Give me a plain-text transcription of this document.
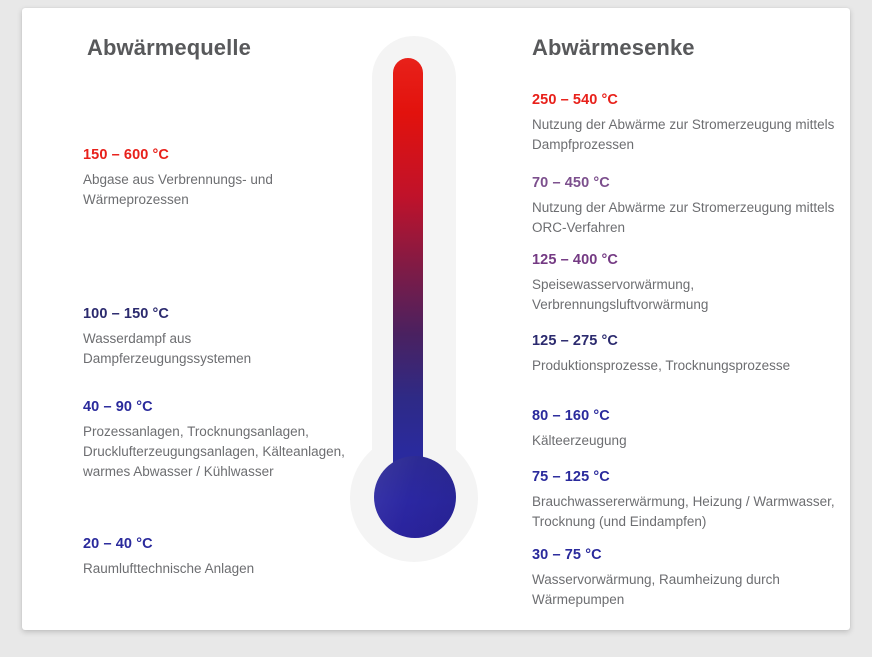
Abwärmequelle

150 – 600 °C

Abgase aus Verbrennungs- und Wärmeprozessen

100 – 150 °C

Wasserdampf aus Dampferzeugungssystemen

40 – 90 °C

Prozessanlagen, Trocknungsanlagen, Drucklufterzeugungsanlagen, Kälteanlagen, warmes Abwasser / Kühlwasser

20 – 40 °C

Raumlufttechnische Anlagen

Abwärmesenke

250 – 540 °C

Nutzung der Abwärme zur Stromerzeugung mittels Dampfprozessen

70 – 450 °C

Nutzung der Abwärme zur Stromerzeugung mittels ORC-Verfahren

125 – 400 °C

Speisewasservorwärmung, Verbrennungsluftvorwärmung

125 – 275 °C

Produktionsprozesse, Trocknungsprozesse

80 – 160 °C

Kälteerzeugung

75 – 125 °C

Brauchwassererwärmung, Heizung / Warmwasser, Trocknung (und Eindampfen)

30 – 75 °C

Wasservorwärmung, Raumheizung durch Wärmepumpen
